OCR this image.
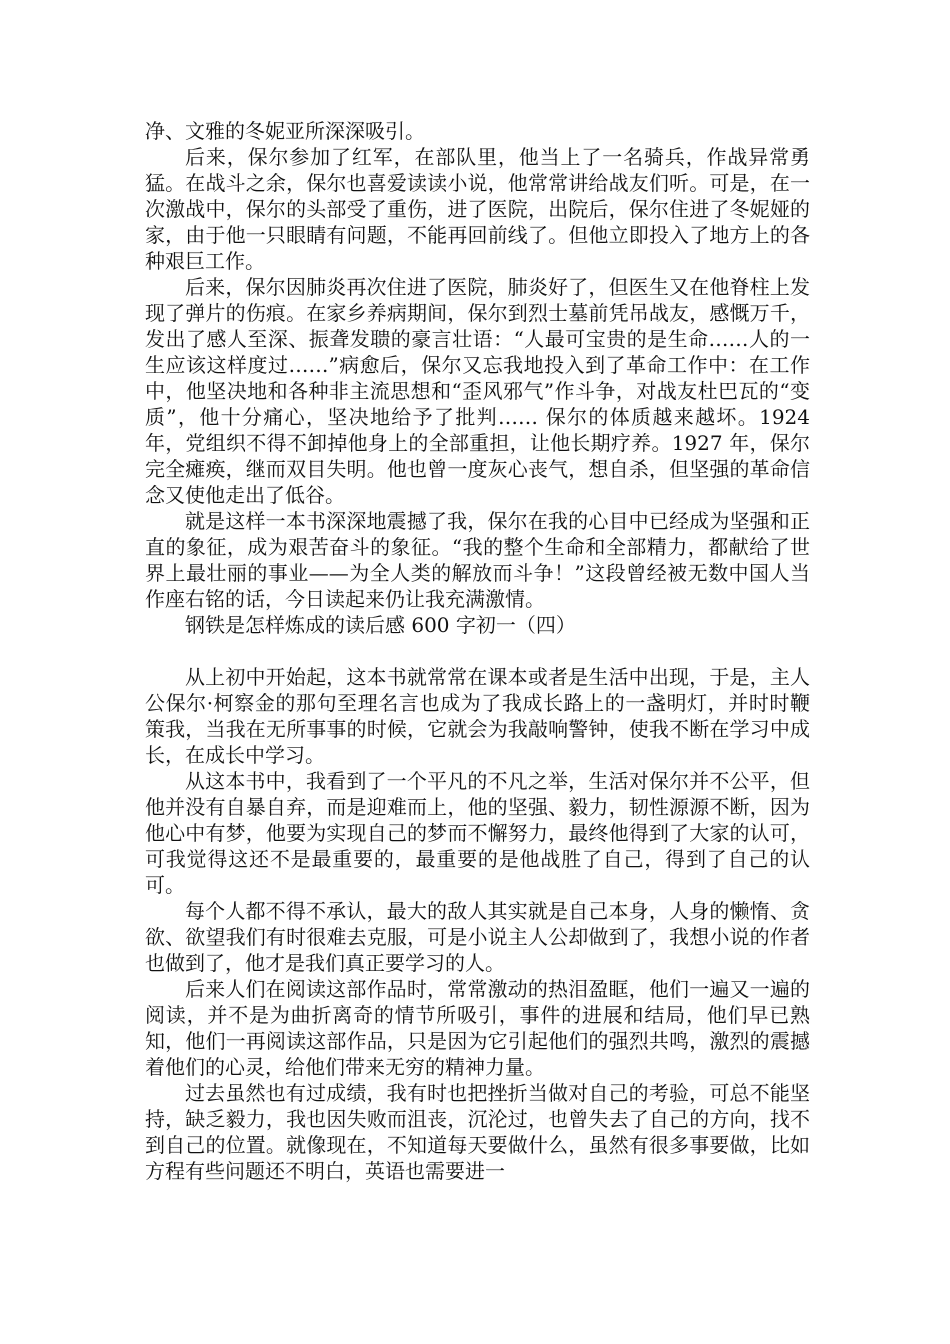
净、文雅的冬妮亚所深深吸引。

后来，保尔参加了红军，在部队里，他当上了一名骑兵，作战异常勇猛。在战斗之余，保尔也喜爱读读小说，他常常讲给战友们听。可是，在一次激战中，保尔的头部受了重伤，进了医院，出院后，保尔住进了冬妮娅的家，由于他一只眼睛有问题，不能再回前线了。但他立即投入了地方上的各种艰巨工作。

后来，保尔因肺炎再次住进了医院，肺炎好了，但医生又在他脊柱上发现了弹片的伤痕。在家乡养病期间，保尔到烈士墓前凭吊战友，感慨万千，发出了感人至深、振聋发聩的豪言壮语：“人最可宝贵的是生命……人的一生应该这样度过……”病愈后，保尔又忘我地投入到了革命工作中：在工作中，他坚决地和各种非主流思想和“歪风邪气”作斗争，对战友杜巴瓦的“变质”，他十分痛心，坚决地给予了批判…… 保尔的体质越来越坏。1924 年，党组织不得不卸掉他身上的全部重担，让他长期疗养。1927 年，保尔完全瘫痪，继而双目失明。他也曾一度灰心丧气，想自杀，但坚强的革命信念又使他走出了低谷。

就是这样一本书深深地震撼了我，保尔在我的心目中已经成为坚强和正直的象征，成为艰苦奋斗的象征。“我的整个生命和全部精力，都献给了世界上最壮丽的事业——为全人类的解放而斗争！”这段曾经被无数中国人当作座右铭的话，今日读起来仍让我充满激情。

钢铁是怎样炼成的读后感 600 字初一（四）

从上初中开始起，这本书就常常在课本或者是生活中出现，于是，主人公保尔·柯察金的那句至理名言也成为了我成长路上的一盏明灯，并时时鞭策我，当我在无所事事的时候，它就会为我敲响警钟，使我不断在学习中成长，在成长中学习。

从这本书中，我看到了一个平凡的不凡之举，生活对保尔并不公平，但他并没有自暴自弃，而是迎难而上，他的坚强、毅力，韧性源源不断，因为他心中有梦，他要为实现自己的梦而不懈努力，最终他得到了大家的认可，可我觉得这还不是最重要的，最重要的是他战胜了自己，得到了自己的认可。

每个人都不得不承认，最大的敌人其实就是自己本身，人身的懒惰、贪欲、欲望我们有时很难去克服，可是小说主人公却做到了，我想小说的作者也做到了，他才是我们真正要学习的人。

后来人们在阅读这部作品时，常常激动的热泪盈眶，他们一遍又一遍的阅读，并不是为曲折离奇的情节所吸引，事件的进展和结局，他们早已熟知，他们一再阅读这部作品，只是因为它引起他们的强烈共鸣，激烈的震撼着他们的心灵，给他们带来无穷的精神力量。

过去虽然也有过成绩，我有时也把挫折当做对自己的考验，可总不能坚持，缺乏毅力，我也因失败而沮丧，沉沦过，也曾失去了自己的方向，找不到自己的位置。就像现在，不知道每天要做什么，虽然有很多事要做，比如方程有些问题还不明白，英语也需要进一
